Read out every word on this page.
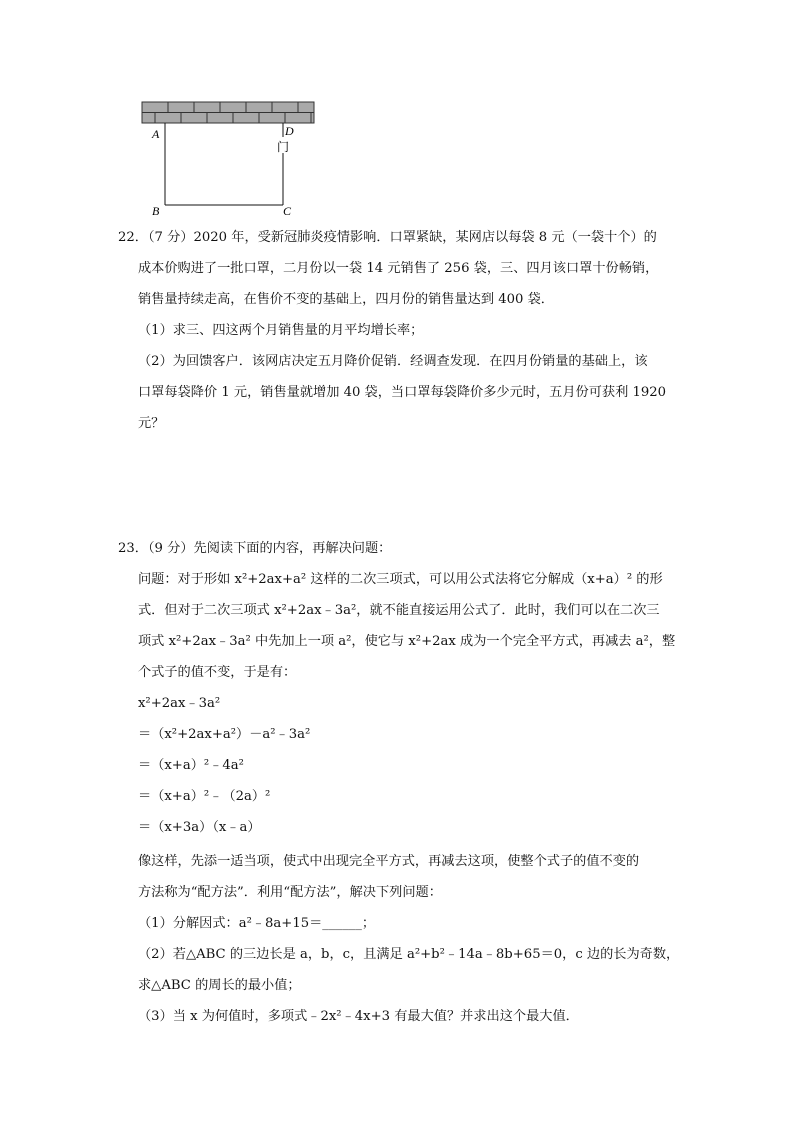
A	D
门
B	C
22．（7 分）2020 年，受新冠肺炎疫情影响．口罩紧缺，某网店以每袋 8 元（一袋十个）的
成本价购进了一批口罩，二月份以一袋 14 元销售了 256 袋，三、四月该口罩十份畅销，
销售量持续走高，在售价不变的基础上，四月份的销售量达到 400 袋．
（1）求三、四这两个月销售量的月平均增长率；
（2）为回馈客户．该网店决定五月降价促销．经调查发现．在四月份销量的基础上，该
口罩每袋降价 1 元，销售量就增加 40 袋，当口罩每袋降价多少元时，五月份可获利 1920
元？
23．（9 分）先阅读下面的内容，再解决问题：
问题：对于形如 x²+2ax+a² 这样的二次三项式，可以用公式法将它分解成（x+a）² 的形
式．但对于二次三项式 x²+2ax﹣3a²，就不能直接运用公式了．此时，我们可以在二次三
项式 x²+2ax﹣3a² 中先加上一项 a²，使它与 x²+2ax 成为一个完全平方式，再减去 a²，整
个式子的值不变，于是有：
x²+2ax﹣3a²
＝（x²+2ax+a²）－a²﹣3a²
＝（x+a）²﹣4a²
＝（x+a）²﹣（2a）²
＝（x+3a）（x﹣a）
像这样，先添一适当项，使式中出现完全平方式，再减去这项，使整个式子的值不变的
方法称为“配方法”．利用“配方法”，解决下列问题：
（1）分解因式：a²﹣8a+15＝______；
（2）若△ABC 的三边长是 a，b，c，且满足 a²+b²﹣14a﹣8b+65＝0，c 边的长为奇数，
求△ABC 的周长的最小值；
（3）当 x 为何值时，多项式﹣2x²﹣4x+3 有最大值？并求出这个最大值．
